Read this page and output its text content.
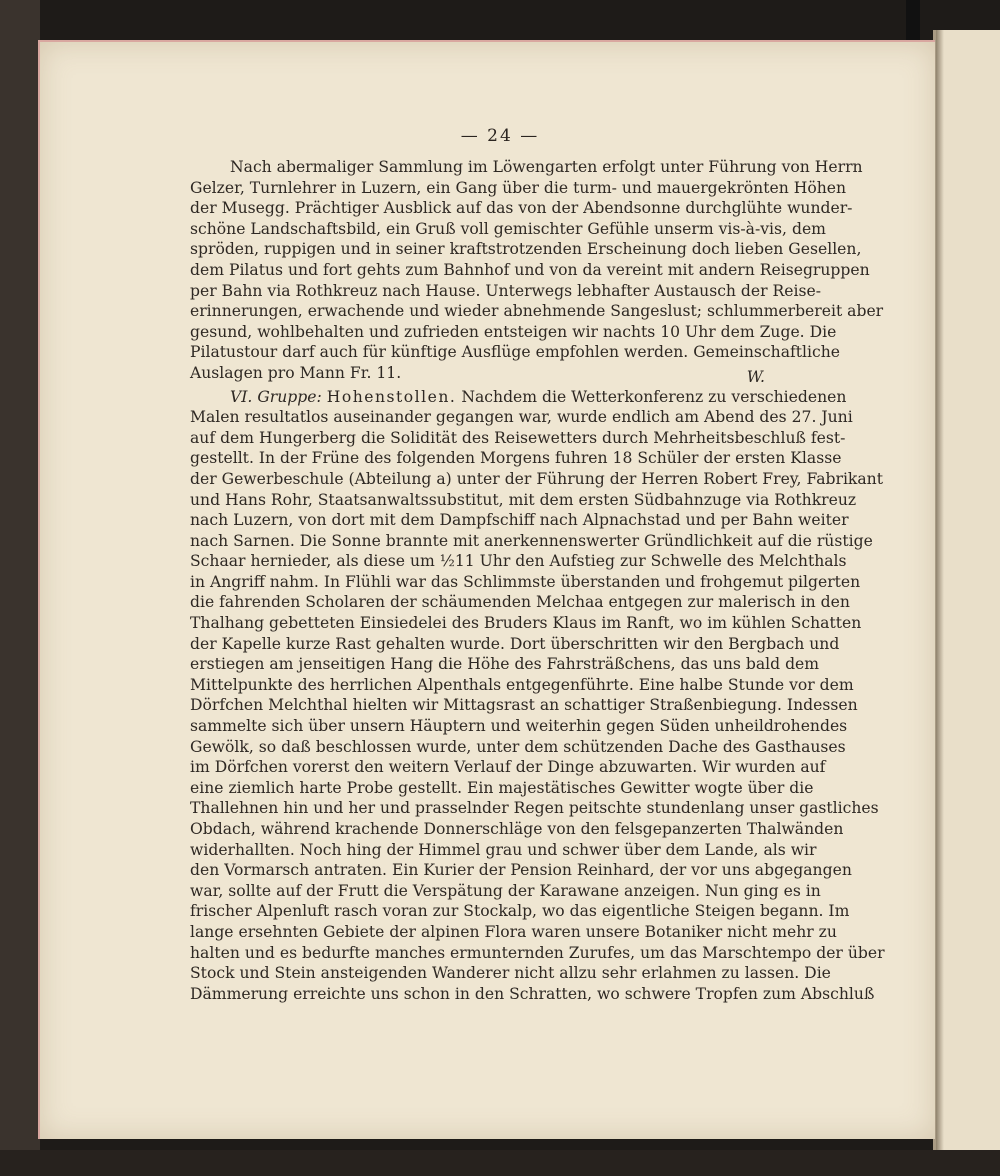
— 24 —

Nach abermaliger Sammlung im Löwengarten erfolgt unter Führung von Herrn

Gelzer, Turnlehrer in Luzern, ein Gang über die turm- und mauergekrönten Höhen

der Musegg. Prächtiger Ausblick auf das von der Abendsonne durchglühte wunder-

schöne Landschaftsbild, ein Gruß voll gemischter Gefühle unserm vis-à-vis, dem

spröden, ruppigen und in seiner kraftstrotzenden Erscheinung doch lieben Gesellen,

dem Pilatus und fort gehts zum Bahnhof und von da vereint mit andern Reisegruppen

per Bahn via Rothkreuz nach Hause. Unterwegs lebhafter Austausch der Reise-

erinnerungen, erwachende und wieder abnehmende Sangeslust; schlummerbereit aber

gesund, wohlbehalten und zufrieden entsteigen wir nachts 10 Uhr dem Zuge. Die

Pilatustour darf auch für künftige Ausflüge empfohlen werden. Gemeinschaftliche

Auslagen pro Mann Fr. 11.	W.

VI. Gruppe: Hohenstollen. Nachdem die Wetterkonferenz zu verschiedenen

Malen resultatlos auseinander gegangen war, wurde endlich am Abend des 27. Juni

auf dem Hungerberg die Solidität des Reisewetters durch Mehrheitsbeschluß fest-

gestellt. In der Früne des folgenden Morgens fuhren 18 Schüler der ersten Klasse

der Gewerbeschule (Abteilung a) unter der Führung der Herren Robert Frey, Fabrikant

und Hans Rohr, Staatsanwaltssubstitut, mit dem ersten Südbahnzuge via Rothkreuz

nach Luzern, von dort mit dem Dampfschiff nach Alpnachstad und per Bahn weiter

nach Sarnen. Die Sonne brannte mit anerkennenswerter Gründlichkeit auf die rüstige

Schaar hernieder, als diese um ½11 Uhr den Aufstieg zur Schwelle des Melchthals

in Angriff nahm. In Flühli war das Schlimmste überstanden und frohgemut pilgerten

die fahrenden Scholaren der schäumenden Melchaa entgegen zur malerisch in den

Thalhang gebetteten Einsiedelei des Bruders Klaus im Ranft, wo im kühlen Schatten

der Kapelle kurze Rast gehalten wurde. Dort überschritten wir den Bergbach und

erstiegen am jenseitigen Hang die Höhe des Fahrsträßchens, das uns bald dem

Mittelpunkte des herrlichen Alpenthals entgegenführte. Eine halbe Stunde vor dem

Dörfchen Melchthal hielten wir Mittagsrast an schattiger Straßenbiegung. Indessen

sammelte sich über unsern Häuptern und weiterhin gegen Süden unheildrohendes

Gewölk, so daß beschlossen wurde, unter dem schützenden Dache des Gasthauses

im Dörfchen vorerst den weitern Verlauf der Dinge abzuwarten. Wir wurden auf

eine ziemlich harte Probe gestellt. Ein majestätisches Gewitter wogte über die

Thallehnen hin und her und prasselnder Regen peitschte stundenlang unser gastliches

Obdach, während krachende Donnerschläge von den felsgepanzerten Thalwänden

widerhallten. Noch hing der Himmel grau und schwer über dem Lande, als wir

den Vormarsch antraten. Ein Kurier der Pension Reinhard, der vor uns abgegangen

war, sollte auf der Frutt die Verspätung der Karawane anzeigen. Nun ging es in

frischer Alpenluft rasch voran zur Stockalp, wo das eigentliche Steigen begann. Im

lange ersehnten Gebiete der alpinen Flora waren unsere Botaniker nicht mehr zu

halten und es bedurfte manches ermunternden Zurufes, um das Marschtempo der über

Stock und Stein ansteigenden Wanderer nicht allzu sehr erlahmen zu lassen. Die

Dämmerung erreichte uns schon in den Schratten, wo schwere Tropfen zum Abschluß
